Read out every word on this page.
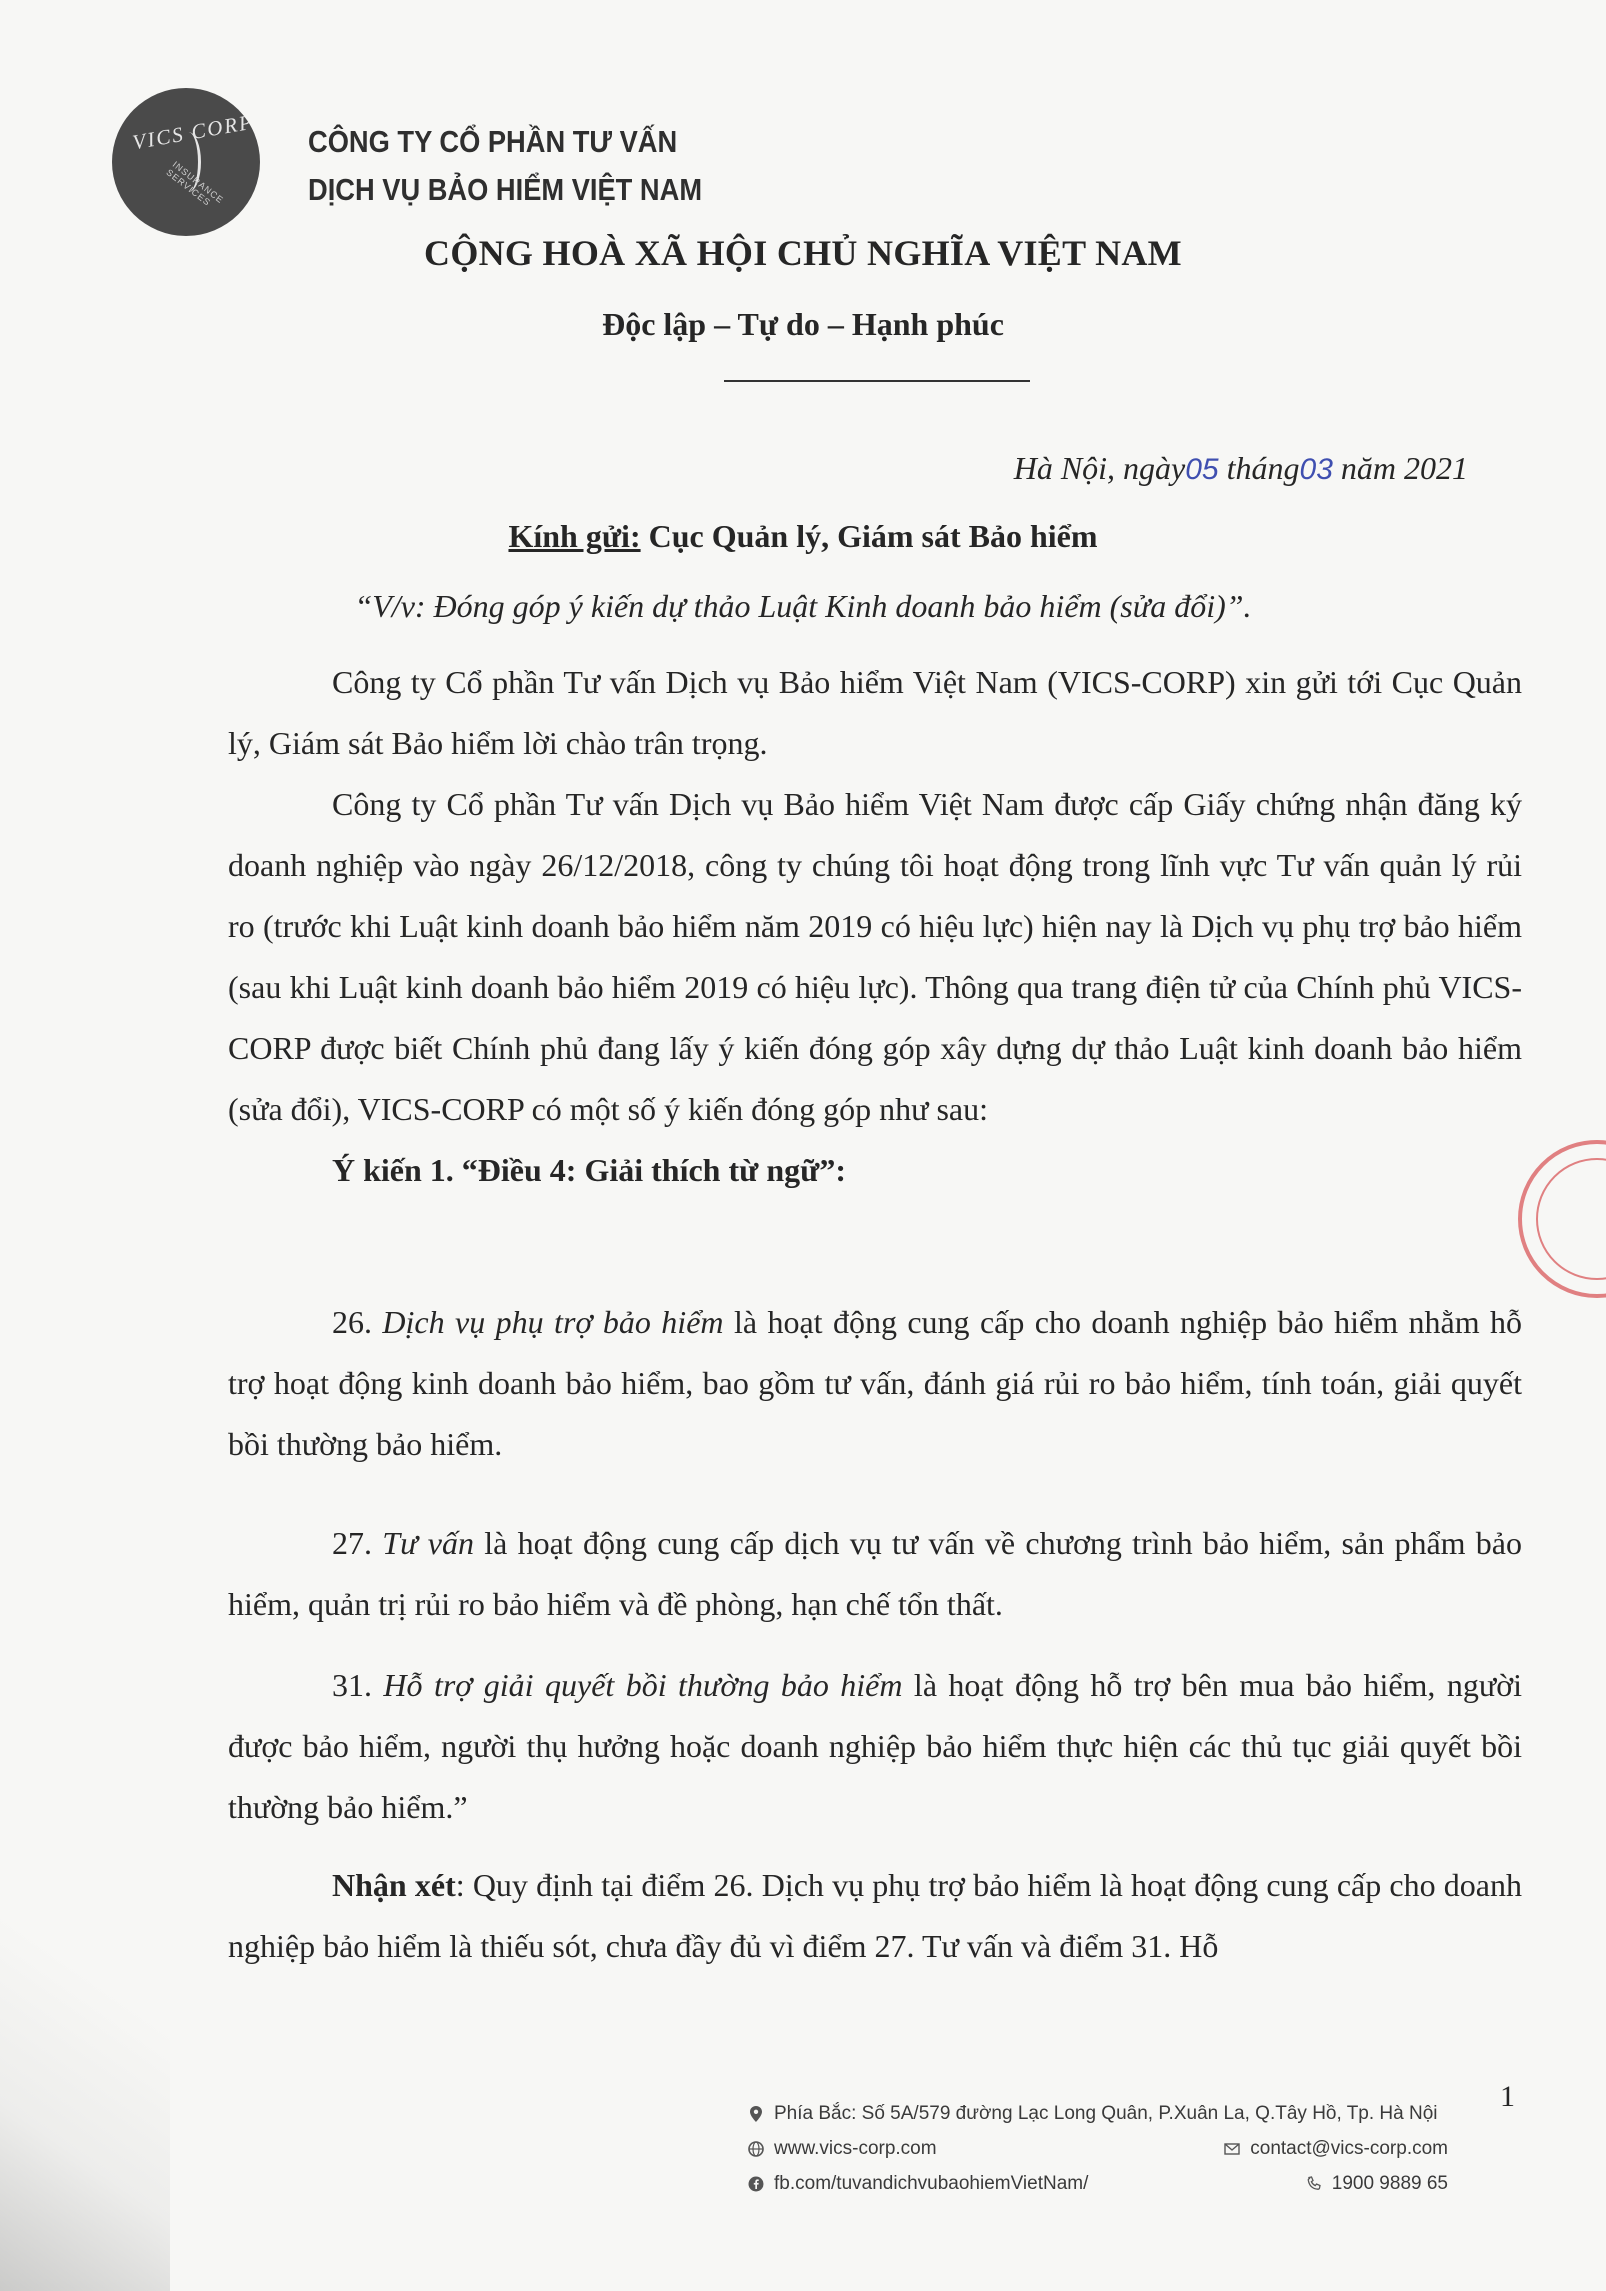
VICS CORP
INSURANCE SERVICES
CÔNG TY CỔ PHẦN TƯ VẤN
DỊCH VỤ BẢO HIỂM VIỆT NAM
CỘNG HOÀ XÃ HỘI CHỦ NGHĨA VIỆT NAM
Độc lập – Tự do – Hạnh phúc
Hà Nội, ngày05 tháng03 năm 2021
Kính gửi: Cục Quản lý, Giám sát Bảo hiểm
“V/v: Đóng góp ý kiến dự thảo Luật Kinh doanh bảo hiểm (sửa đổi)”.

Công ty Cổ phần Tư vấn Dịch vụ Bảo hiểm Việt Nam (VICS-CORP) xin gửi tới Cục Quản lý, Giám sát Bảo hiểm lời chào trân trọng.

Công ty Cổ phần Tư vấn Dịch vụ Bảo hiểm Việt Nam được cấp Giấy chứng nhận đăng ký doanh nghiệp vào ngày 26/12/2018, công ty chúng tôi hoạt động trong lĩnh vực Tư vấn quản lý rủi ro (trước khi Luật kinh doanh bảo hiểm năm 2019 có hiệu lực) hiện nay là Dịch vụ phụ trợ bảo hiểm (sau khi Luật kinh doanh bảo hiểm 2019 có hiệu lực). Thông qua trang điện tử của Chính phủ VICS-CORP được biết Chính phủ đang lấy ý kiến đóng góp xây dựng dự thảo Luật kinh doanh bảo hiểm (sửa đổi), VICS-CORP có một số ý kiến đóng góp như sau:

Ý kiến 1. “Điều 4: Giải thích từ ngữ”:

26. Dịch vụ phụ trợ bảo hiểm là hoạt động cung cấp cho doanh nghiệp bảo hiểm nhằm hỗ trợ hoạt động kinh doanh bảo hiểm, bao gồm tư vấn, đánh giá rủi ro bảo hiểm, tính toán, giải quyết bồi thường bảo hiểm.

27. Tư vấn là hoạt động cung cấp dịch vụ tư vấn về chương trình bảo hiểm, sản phẩm bảo hiểm, quản trị rủi ro bảo hiểm và đề phòng, hạn chế tổn thất.

31. Hỗ trợ giải quyết bồi thường bảo hiểm là hoạt động hỗ trợ bên mua bảo hiểm, người được bảo hiểm, người thụ hưởng hoặc doanh nghiệp bảo hiểm thực hiện các thủ tục giải quyết bồi thường bảo hiểm.”

Nhận xét: Quy định tại điểm 26. Dịch vụ phụ trợ bảo hiểm là hoạt động cung cấp cho doanh nghiệp bảo hiểm là thiếu sót, chưa đầy đủ vì điểm 27. Tư vấn và điểm 31. Hỗ

1
Phía Bắc: Số 5A/579 đường Lạc Long Quân, P.Xuân La, Q.Tây Hồ, Tp. Hà Nội
www.vics-corp.com	contact@vics-corp.com
fb.com/tuvandichvubaohiemVietNam/	1900 9889 65
